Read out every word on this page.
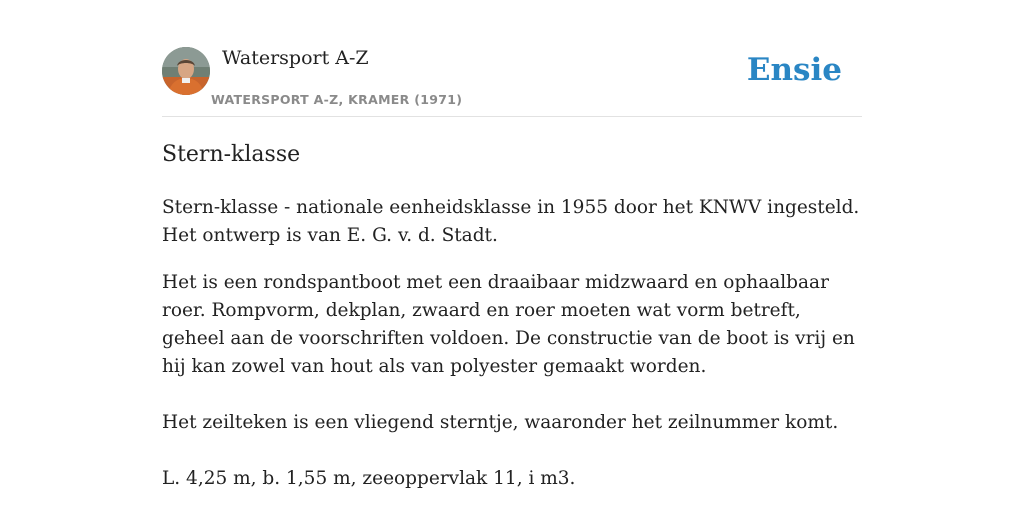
Watersport A-Z
WATERSPORT A-Z, KRAMER (1971)
Ensie
Stern-klasse

Stern-klasse - nationale eenheidsklasse in 1955 door het KNWV ingesteld. Het ontwerp is van E. G. v. d. Stadt.

Het is een rondspantboot met een draaibaar midzwaard en ophaalbaar roer. Rompvorm, dekplan, zwaard en roer moeten wat vorm betreft, geheel aan de voorschriften voldoen. De constructie van de boot is vrij en hij kan zowel van hout als van polyester gemaakt worden.

Het zeilteken is een vliegend sterntje, waaronder het zeilnummer komt.

L. 4,25 m, b. 1,55 m, zeeoppervlak 11, i m3.
